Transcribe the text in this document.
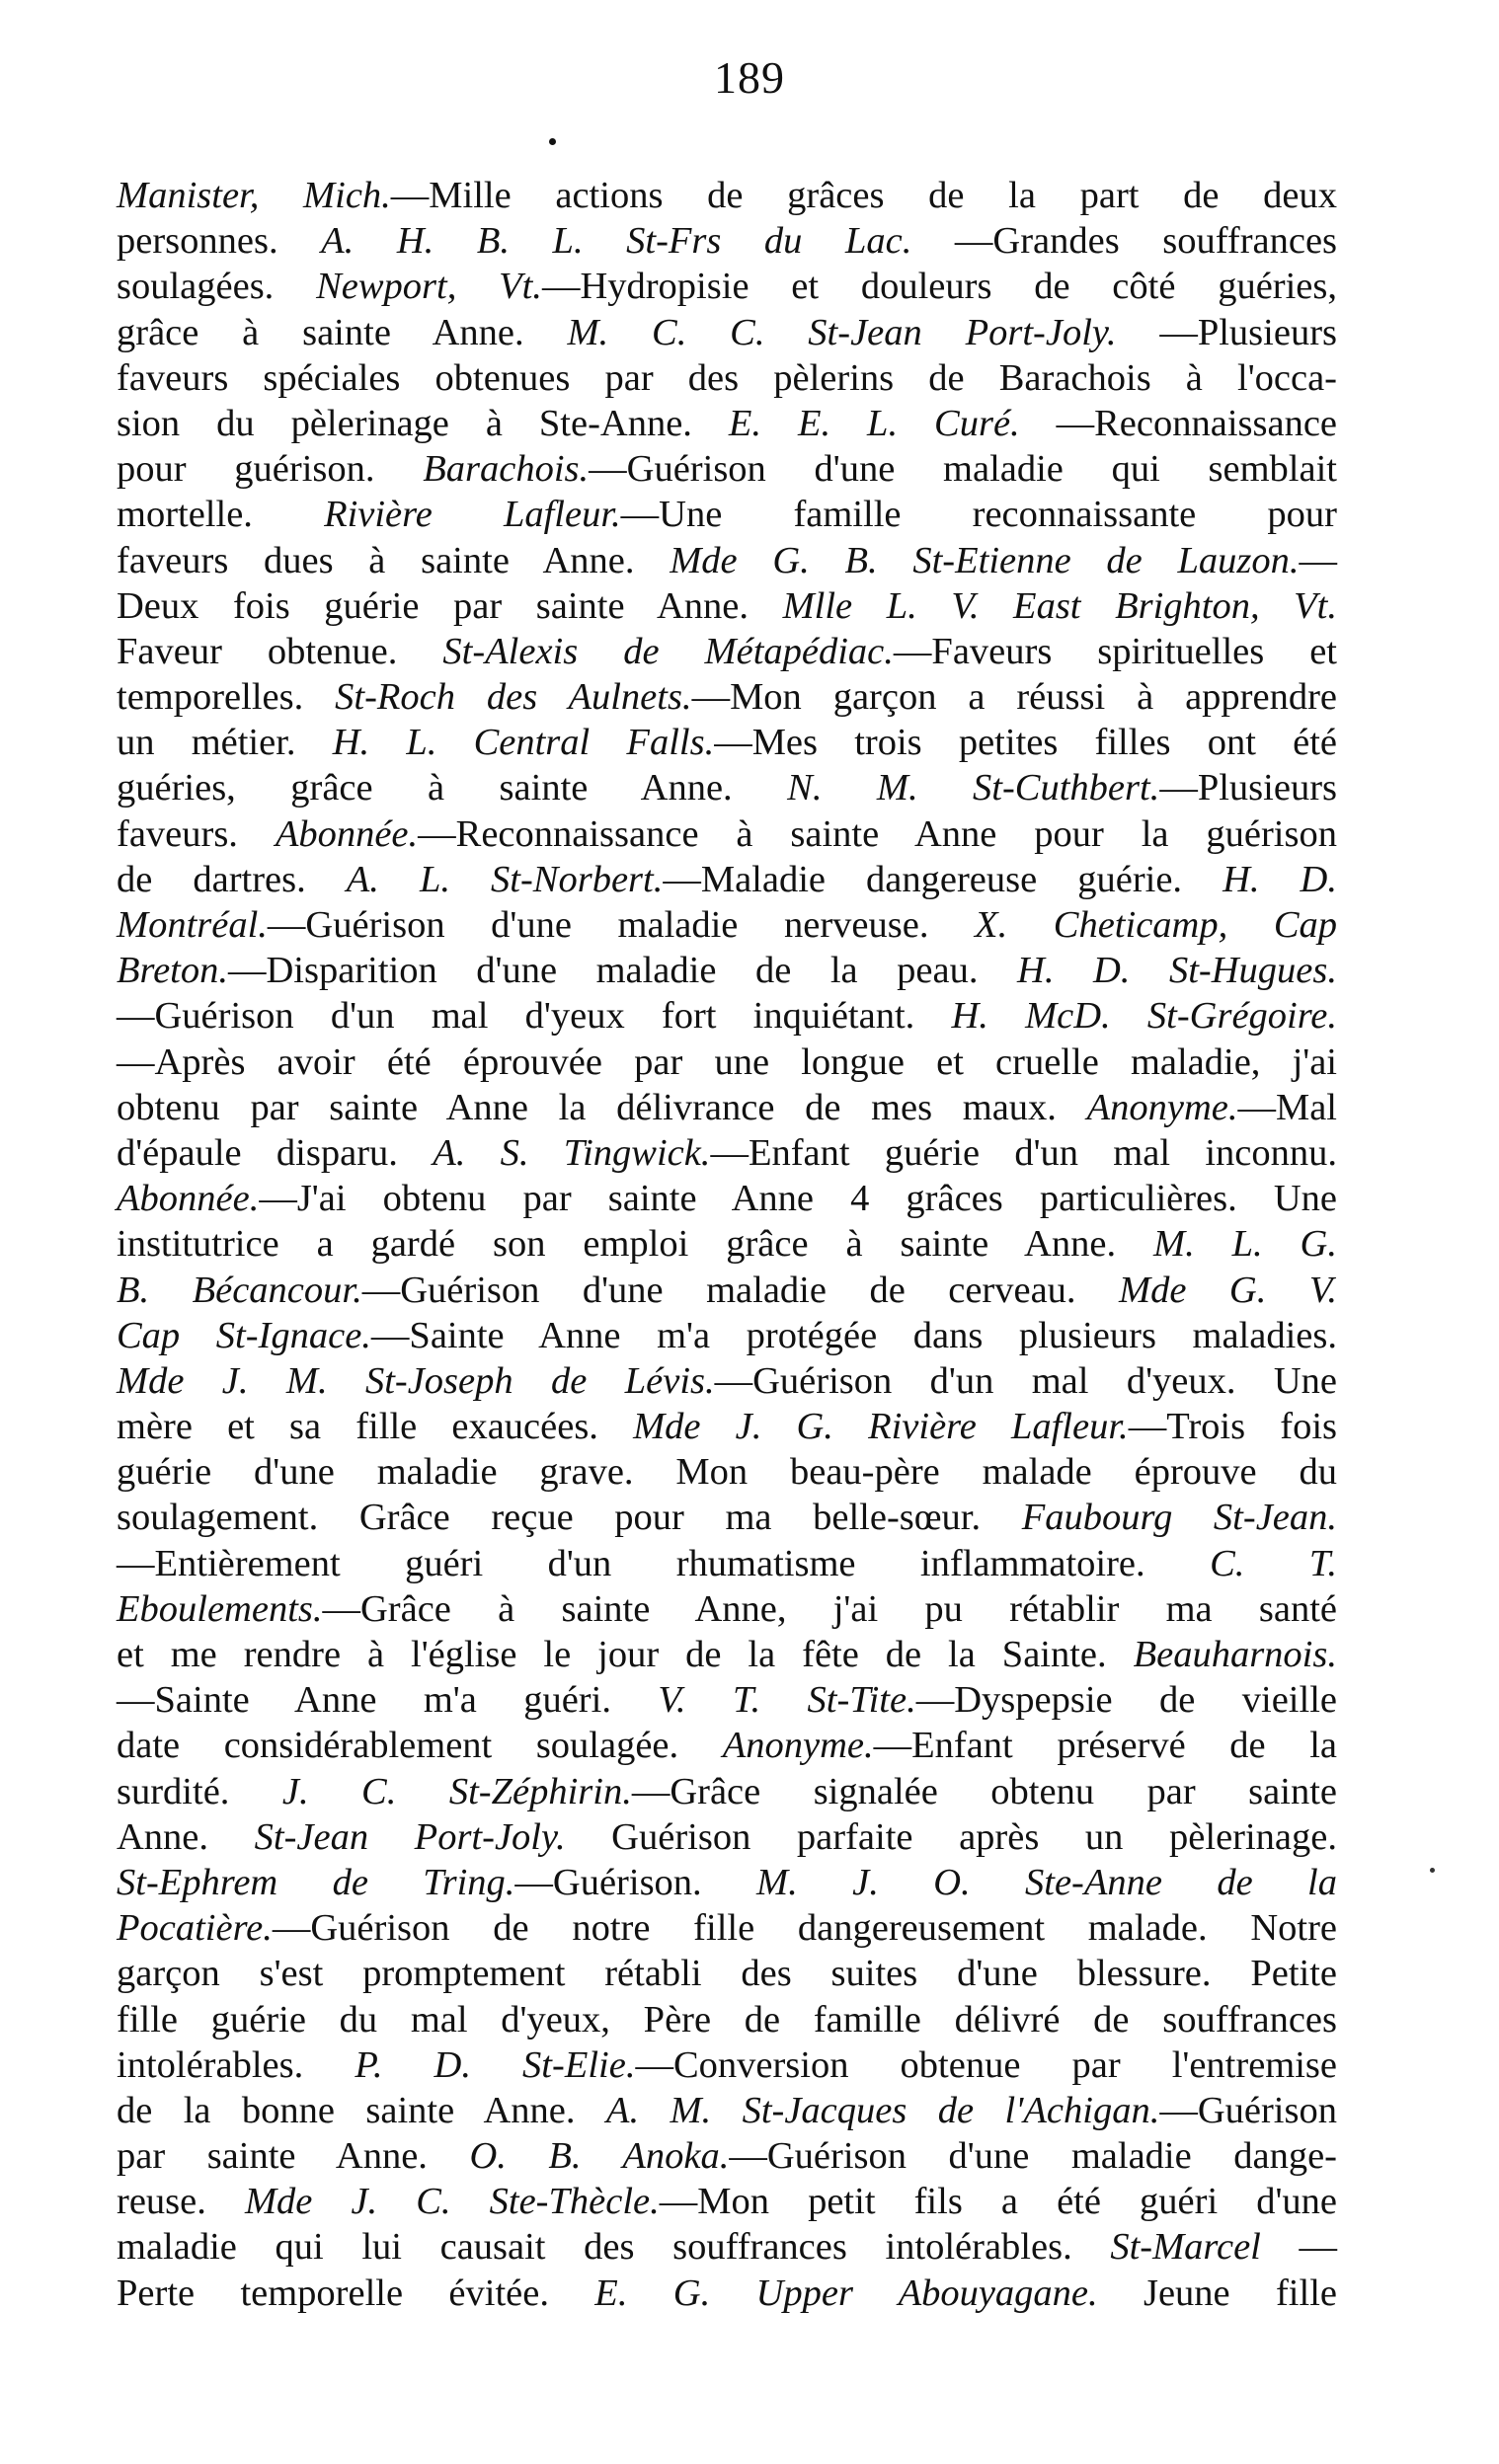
189
Manister, Mich.—Mille actions de grâces de la part de deux
personnes. A. H. B. L. St-Frs du Lac. —Grandes souffrances
soulagées. Newport, Vt.—Hydropisie et douleurs de côté guéries,
grâce à sainte Anne. M. C. C. St-Jean Port-Joly. —Plusieurs
faveurs spéciales obtenues par des pèlerins de Barachois à l'occa-
sion du pèlerinage à Ste-Anne. E. E. L. Curé. —Reconnaissance
pour guérison. Barachois.—Guérison d'une maladie qui semblait
mortelle. Rivière Lafleur.—Une famille reconnaissante pour
faveurs dues à sainte Anne. Mde G. B. St-Etienne de Lauzon.—
Deux fois guérie par sainte Anne. Mlle L. V. East Brighton, Vt.
Faveur obtenue. St-Alexis de Métapédiac.—Faveurs spirituelles et
temporelles. St-Roch des Aulnets.—Mon garçon a réussi à apprendre
un métier. H. L. Central Falls.—Mes trois petites filles ont été
guéries, grâce à sainte Anne. N. M. St-Cuthbert.—Plusieurs
faveurs. Abonnée.—Reconnaissance à sainte Anne pour la guérison
de dartres. A. L. St-Norbert.—Maladie dangereuse guérie. H. D.
Montréal.—Guérison d'une maladie nerveuse. X. Cheticamp, Cap
Breton.—Disparition d'une maladie de la peau. H. D. St-Hugues.
—Guérison d'un mal d'yeux fort inquiétant. H. McD. St-Grégoire.
—Après avoir été éprouvée par une longue et cruelle maladie, j'ai
obtenu par sainte Anne la délivrance de mes maux. Anonyme.—Mal
d'épaule disparu. A. S. Tingwick.—Enfant guérie d'un mal inconnu.
Abonnée.—J'ai obtenu par sainte Anne 4 grâces particulières. Une
institutrice a gardé son emploi grâce à sainte Anne. M. L. G.
B. Bécancour.—Guérison d'une maladie de cerveau. Mde G. V.
Cap St-Ignace.—Sainte Anne m'a protégée dans plusieurs maladies.
Mde J. M. St-Joseph de Lévis.—Guérison d'un mal d'yeux. Une
mère et sa fille exaucées. Mde J. G. Rivière Lafleur.—Trois fois
guérie d'une maladie grave. Mon beau-père malade éprouve du
soulagement. Grâce reçue pour ma belle-sœur. Faubourg St-Jean.
—Entièrement guéri d'un rhumatisme inflammatoire. C. T.
Eboulements.—Grâce à sainte Anne, j'ai pu rétablir ma santé
et me rendre à l'église le jour de la fête de la Sainte. Beauharnois.
—Sainte Anne m'a guéri. V. T. St-Tite.—Dyspepsie de vieille
date considérablement soulagée. Anonyme.—Enfant préservé de la
surdité. J. C. St-Zéphirin.—Grâce signalée obtenu par sainte
Anne. St-Jean Port-Joly. Guérison parfaite après un pèlerinage.
St-Ephrem de Tring.—Guérison. M. J. O. Ste-Anne de la
Pocatière.—Guérison de notre fille dangereusement malade. Notre
garçon s'est promptement rétabli des suites d'une blessure. Petite
fille guérie du mal d'yeux, Père de famille délivré de souffrances
intolérables. P. D. St-Elie.—Conversion obtenue par l'entremise
de la bonne sainte Anne. A. M. St-Jacques de l'Achigan.—Guérison
par sainte Anne. O. B. Anoka.—Guérison d'une maladie dange-
reuse. Mde J. C. Ste-Thècle.—Mon petit fils a été guéri d'une
maladie qui lui causait des souffrances intolérables. St-Marcel —
Perte temporelle évitée. E. G. Upper Abouyagane. Jeune fille
